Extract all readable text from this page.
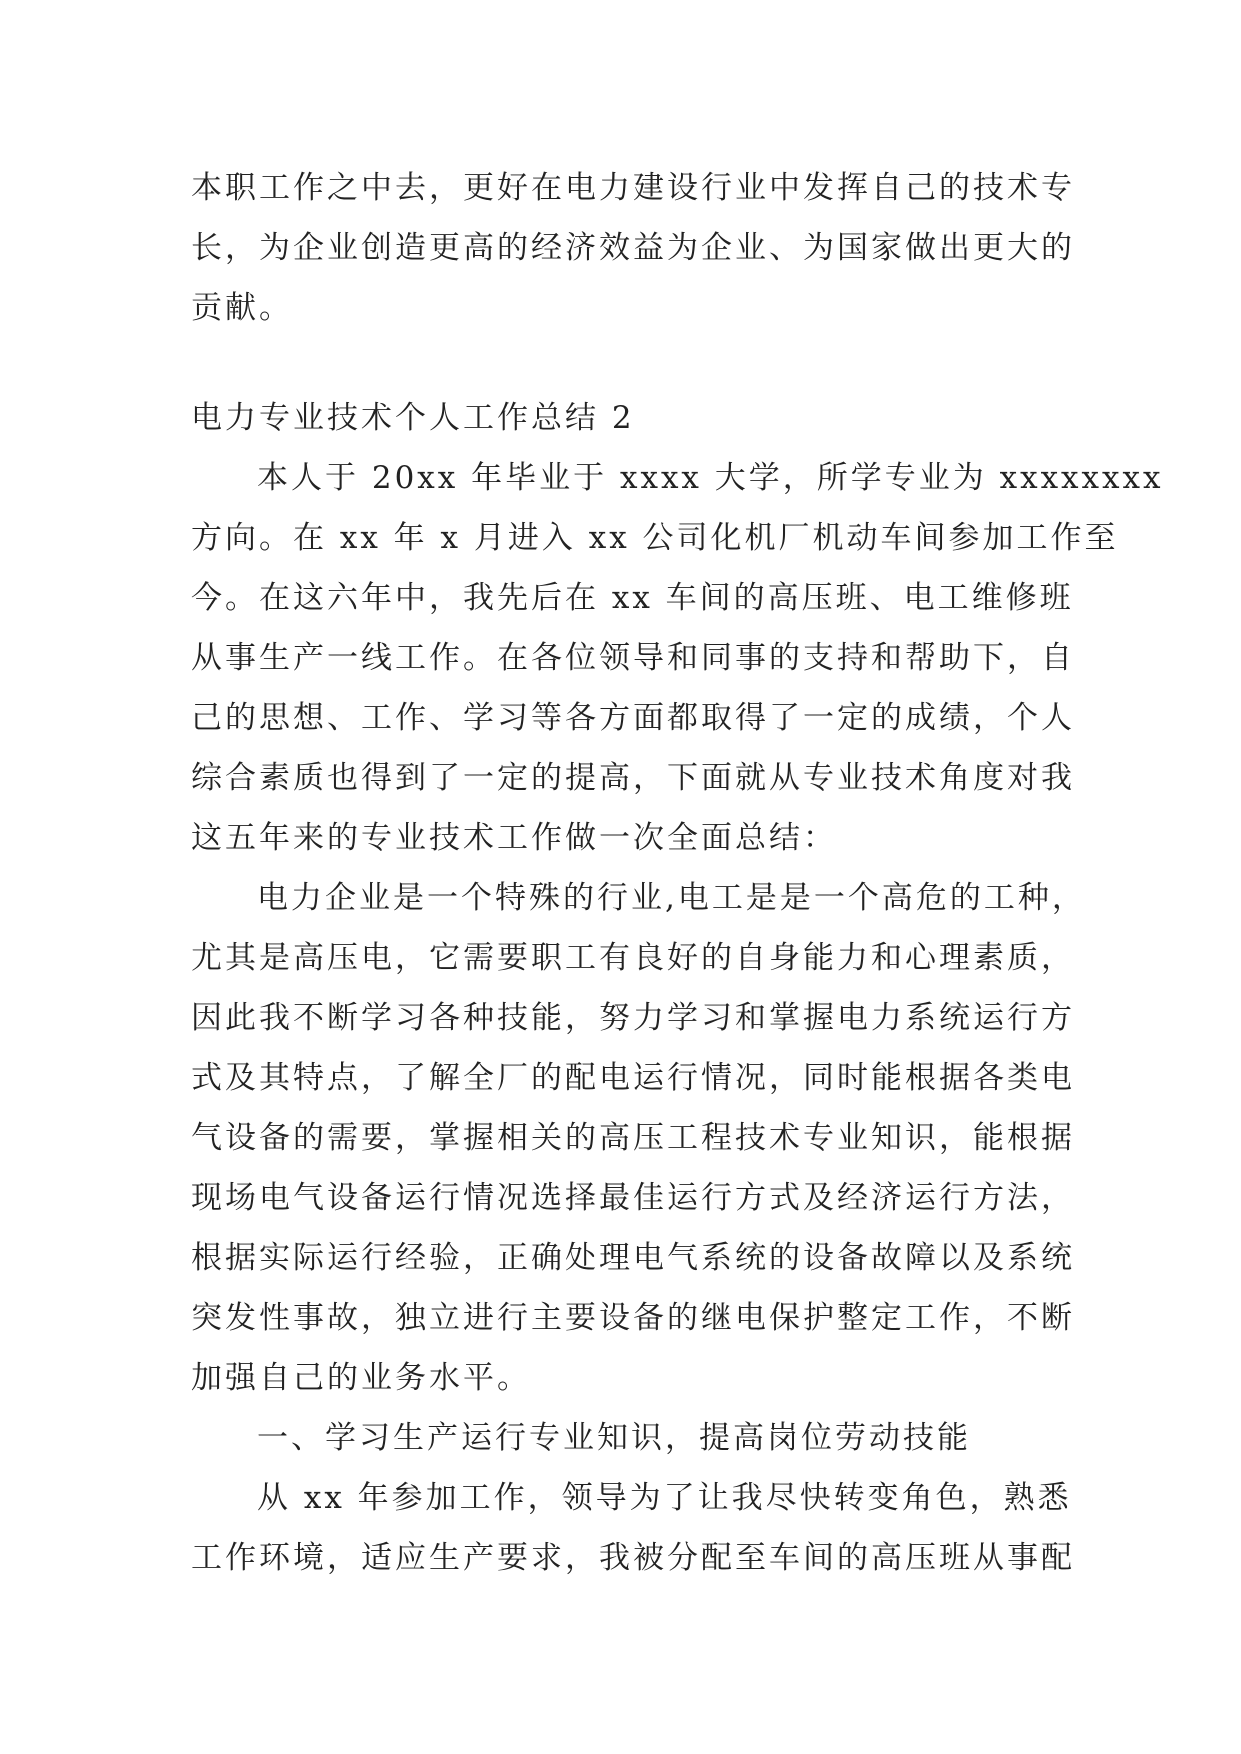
本职工作之中去，更好在电力建设行业中发挥自己的技术专
长，为企业创造更高的经济效益为企业、为国家做出更大的
贡献。
电力专业技术个人工作总结 2
本人于 20xx 年毕业于 xxxx 大学，所学专业为 xxxxxxxx
方向。在 xx 年 x 月进入 xx 公司化机厂机动车间参加工作至
今。在这六年中，我先后在 xx 车间的高压班、电工维修班
从事生产一线工作。在各位领导和同事的支持和帮助下，自
己的思想、工作、学习等各方面都取得了一定的成绩，个人
综合素质也得到了一定的提高，下面就从专业技术角度对我
这五年来的专业技术工作做一次全面总结：
电力企业是一个特殊的行业,电工是是一个高危的工种，
尤其是高压电，它需要职工有良好的自身能力和心理素质，
因此我不断学习各种技能，努力学习和掌握电力系统运行方
式及其特点，了解全厂的配电运行情况，同时能根据各类电
气设备的需要，掌握相关的高压工程技术专业知识，能根据
现场电气设备运行情况选择最佳运行方式及经济运行方法，
根据实际运行经验，正确处理电气系统的设备故障以及系统
突发性事故，独立进行主要设备的继电保护整定工作，不断
加强自己的业务水平。
一、学习生产运行专业知识，提高岗位劳动技能
从 xx 年参加工作，领导为了让我尽快转变角色，熟悉
工作环境，适应生产要求，我被分配至车间的高压班从事配
